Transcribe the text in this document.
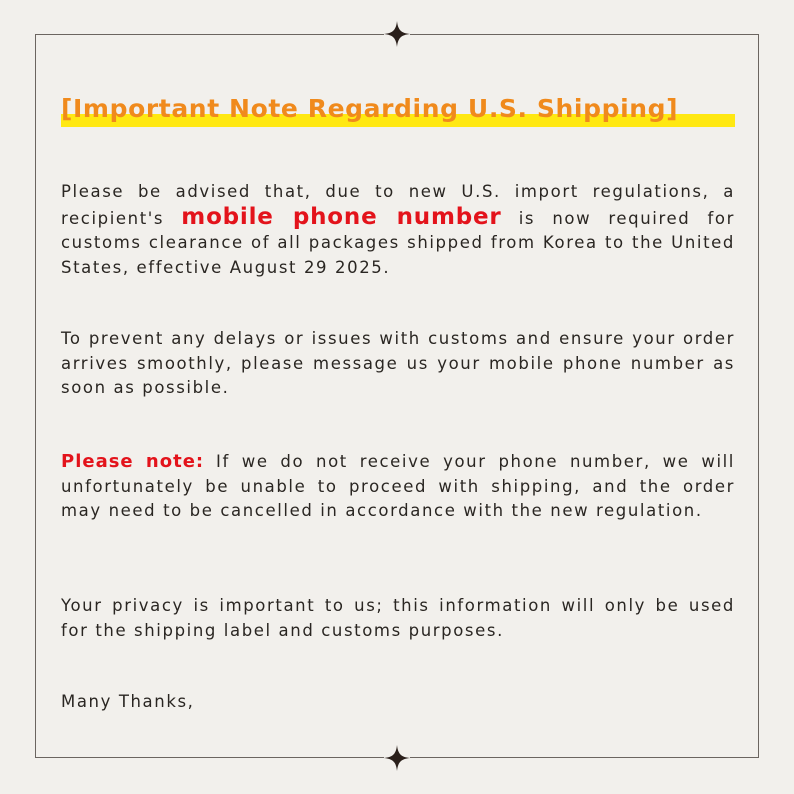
[Important Note Regarding U.S. Shipping]
Please be advised that, due to new U.S. import regulations, a recipient's mobile phone number is now required for customs clearance of all packages shipped from Korea to the United States, effective August 29 2025.
To prevent any delays or issues with customs and ensure your order arrives smoothly, please message us your mobile phone number as soon as possible.
Please note: If we do not receive your phone number, we will unfortunately be unable to proceed with shipping, and the order may need to be cancelled in accordance with the new regulation.
Your privacy is important to us; this information will only be used for the shipping label and customs purposes.
Many Thanks,
